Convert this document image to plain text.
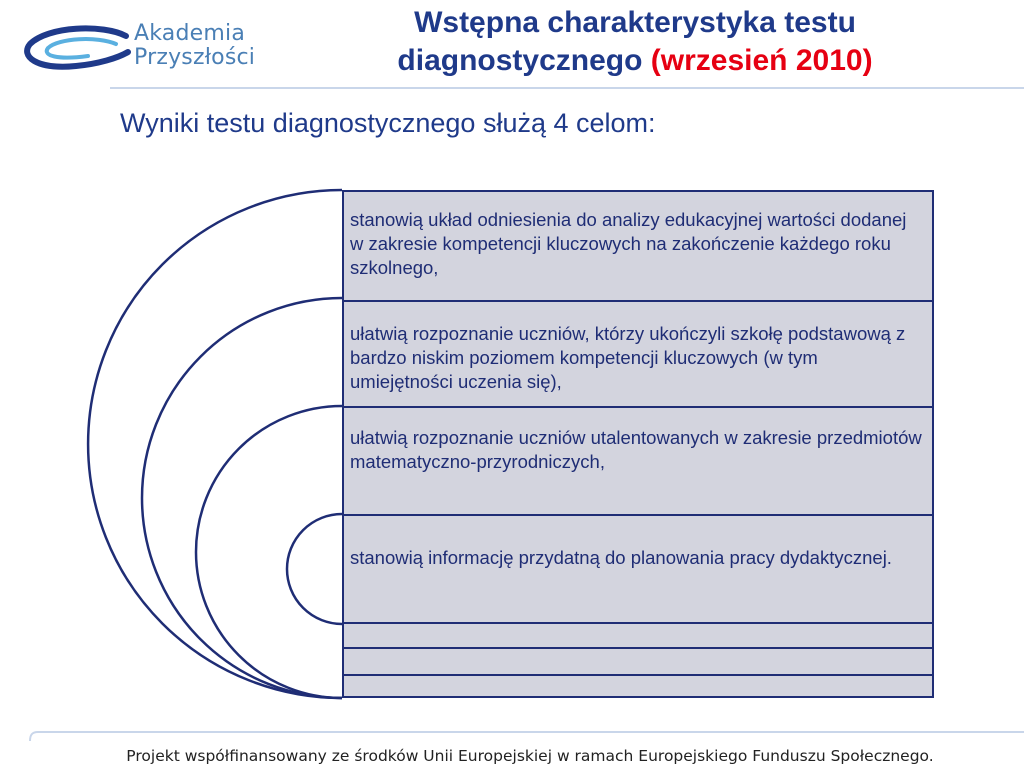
Akademia
Przyszłości
Wstępna charakterystyka testu diagnostycznego (wrzesień 2010)
Wyniki testu diagnostycznego służą 4 celom:
stanowią układ odniesienia do analizy edukacyjnej wartości dodanej w zakresie kompetencji kluczowych na zakończenie każdego roku szkolnego,
ułatwią rozpoznanie uczniów, którzy ukończyli szkołę podstawową z bardzo niskim poziomem kompetencji kluczowych (w tym umiejętności uczenia się),
ułatwią rozpoznanie uczniów utalentowanych w zakresie przedmiotów matematyczno-przyrodniczych,
stanowią informację przydatną do planowania pracy dydaktycznej.
Projekt współfinansowany ze środków Unii Europejskiej w ramach Europejskiego Funduszu Społecznego.
